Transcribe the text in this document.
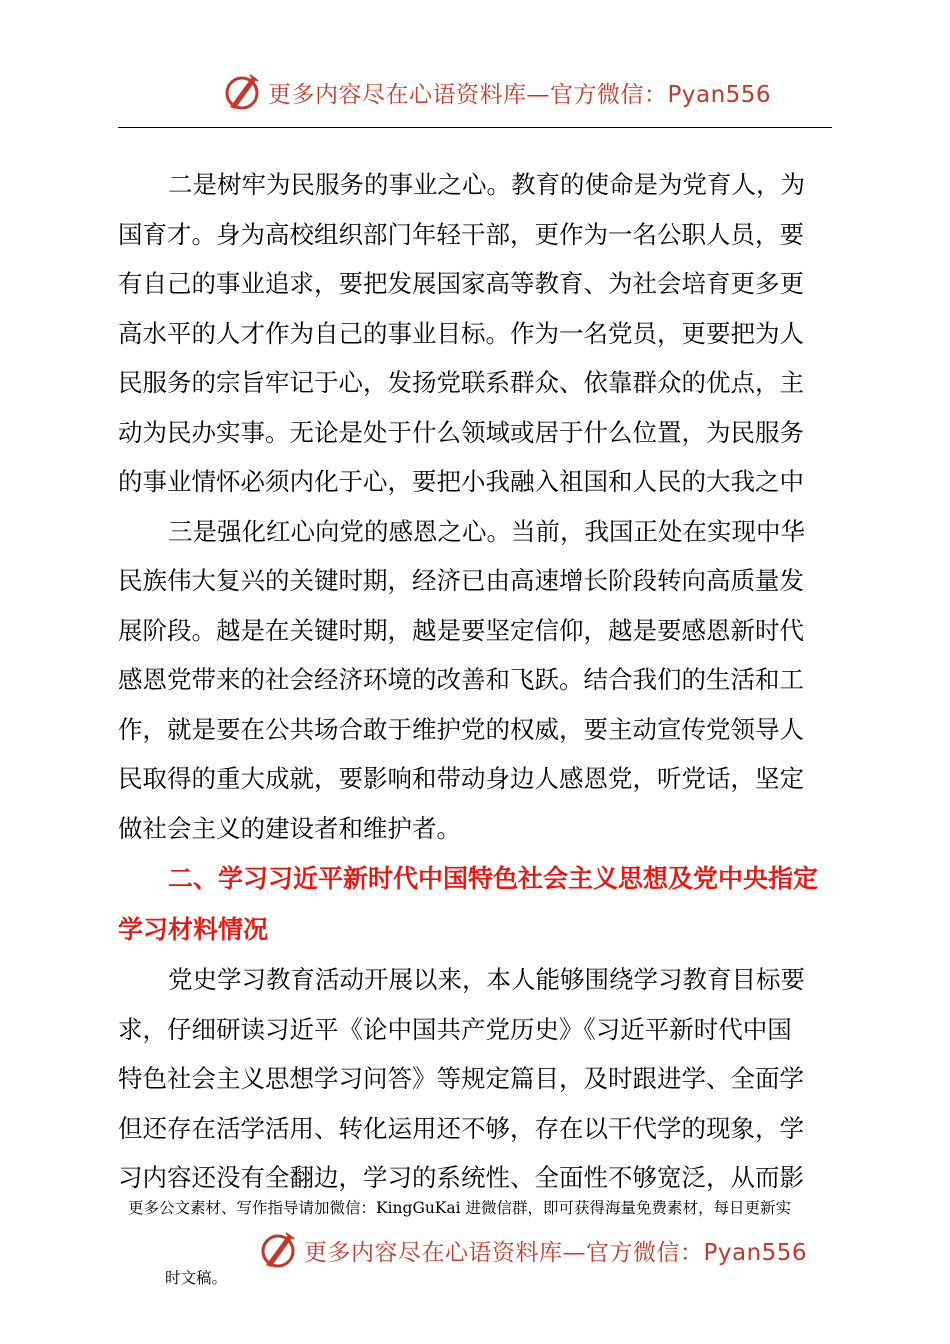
更多内容尽在心语资料库—官方微信：Pyan556

二是树牢为民服务的事业之心。教育的使命是为党育人，为
国育才。身为高校组织部门年轻干部，更作为一名公职人员，要
有自己的事业追求，要把发展国家高等教育、为社会培育更多更
高水平的人才作为自己的事业目标。作为一名党员，更要把为人
民服务的宗旨牢记于心，发扬党联系群众、依靠群众的优点，主
动为民办实事。无论是处于什么领域或居于什么位置，为民服务
的事业情怀必须内化于心，要把小我融入祖国和人民的大我之中

三是强化红心向党的感恩之心。当前，我国正处在实现中华
民族伟大复兴的关键时期，经济已由高速增长阶段转向高质量发
展阶段。越是在关键时期，越是要坚定信仰，越是要感恩新时代
感恩党带来的社会经济环境的改善和飞跃。结合我们的生活和工
作，就是要在公共场合敢于维护党的权威，要主动宣传党领导人
民取得的重大成就，要影响和带动身边人感恩党，听党话，坚定
做社会主义的建设者和维护者。

二、学习习近平新时代中国特色社会主义思想及党中央指定
学习材料情况

党史学习教育活动开展以来，本人能够围绕学习教育目标要
求，仔细研读习近平《论中国共产党历史》《习近平新时代中国
特色社会主义思想学习问答》等规定篇目，及时跟进学、全面学
但还存在活学活用、转化运用还不够，存在以干代学的现象，学
习内容还没有全翻边，学习的系统性、全面性不够宽泛，从而影

更多公文素材、写作指导请加微信：KingGuKai 进微信群，即可获得海量免费素材，每日更新实
更多内容尽在心语资料库—官方微信：Pyan556
时文稿。
